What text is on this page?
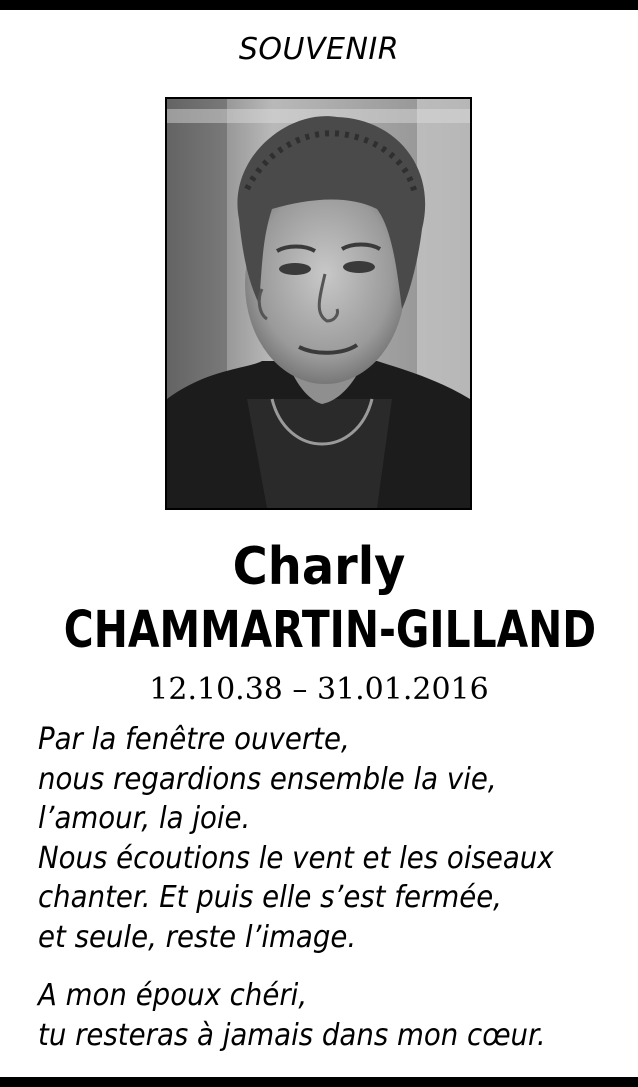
SOUVENIR
Charly
CHAMMARTIN-GILLAND
12.10.38 – 31.01.2016
Par la fenêtre ouverte,
nous regardions ensemble la vie,
l’amour, la joie.
Nous écoutions le vent et les oiseaux
chanter. Et puis elle s’est fermée,
et seule, reste l’image.
A mon époux chéri,
tu resteras à jamais dans mon cœur.
